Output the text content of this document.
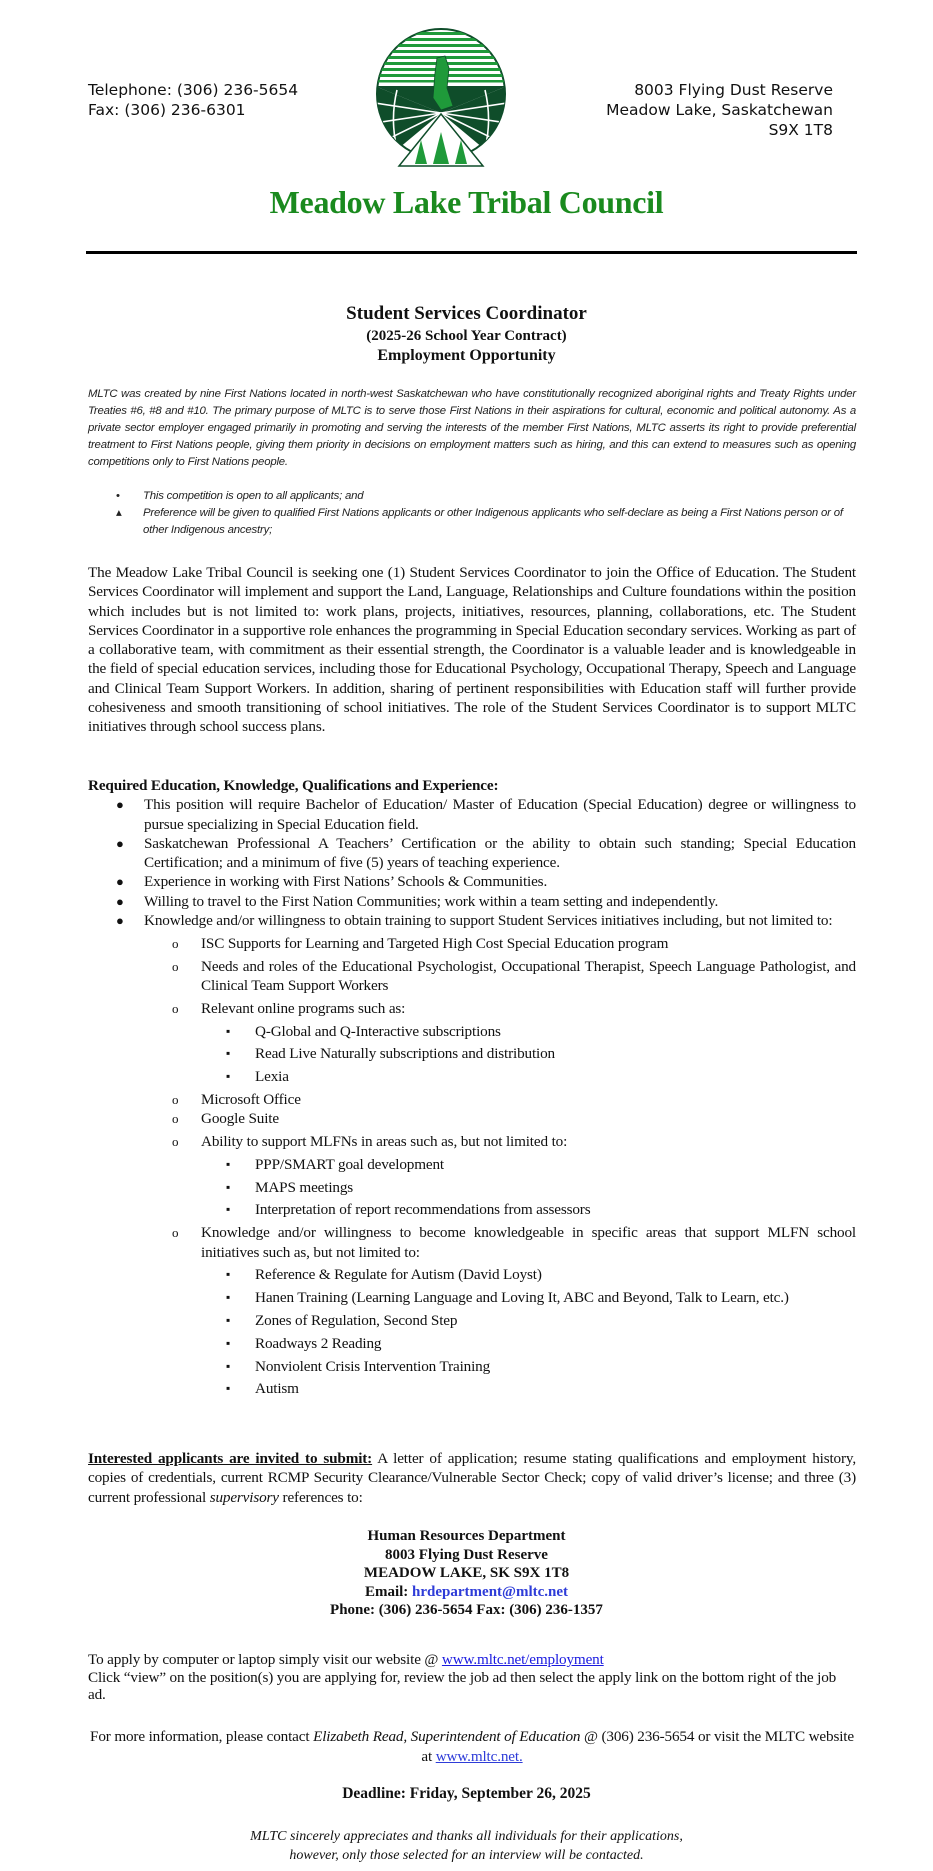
Telephone: (306) 236-5654
Fax: (306) 236-6301
8003 Flying Dust Reserve
Meadow Lake, Saskatchewan
S9X 1T8
Meadow Lake Tribal Council
Student Services Coordinator
(2025-26 School Year Contract)
Employment Opportunity
MLTC was created by nine First Nations located in north-west Saskatchewan who have constitutionally recognized aboriginal rights and Treaty Rights under Treaties #6, #8 and #10. The primary purpose of MLTC is to serve those First Nations in their aspirations for cultural, economic and political autonomy. As a private sector employer engaged primarily in promoting and serving the interests of the member First Nations, MLTC asserts its right to provide preferential treatment to First Nations people, giving them priority in decisions on employment matters such as hiring, and this can extend to measures such as opening competitions only to First Nations people.
• This competition is open to all applicants; and
▴ Preference will be given to qualified First Nations applicants or other Indigenous applicants who self-declare as being a First Nations person or of other Indigenous ancestry;
The Meadow Lake Tribal Council is seeking one (1) Student Services Coordinator to join the Office of Education. The Student Services Coordinator will implement and support the Land, Language, Relationships and Culture foundations within the position which includes but is not limited to: work plans, projects, initiatives, resources, planning, collaborations, etc. The Student Services Coordinator in a supportive role enhances the programming in Special Education secondary services. Working as part of a collaborative team, with commitment as their essential strength, the Coordinator is a valuable leader and is knowledgeable in the field of special education services, including those for Educational Psychology, Occupational Therapy, Speech and Language and Clinical Team Support Workers. In addition, sharing of pertinent responsibilities with Education staff will further provide cohesiveness and smooth transitioning of school initiatives. The role of the Student Services Coordinator is to support MLTC initiatives through school success plans.
Required Education, Knowledge, Qualifications and Experience:
● This position will require Bachelor of Education/ Master of Education (Special Education) degree or willingness to pursue specializing in Special Education field.
● Saskatchewan Professional A Teachers’ Certification or the ability to obtain such standing; Special Education Certification; and a minimum of five (5) years of teaching experience.
● Experience in working with First Nations’ Schools & Communities.
● Willing to travel to the First Nation Communities; work within a team setting and independently.
● Knowledge and/or willingness to obtain training to support Student Services initiatives including, but not limited to:
o ISC Supports for Learning and Targeted High Cost Special Education program
o Needs and roles of the Educational Psychologist, Occupational Therapist, Speech Language Pathologist, and Clinical Team Support Workers
o Relevant online programs such as:
▪ Q-Global and Q-Interactive subscriptions
▪ Read Live Naturally subscriptions and distribution
▪ Lexia
o Microsoft Office
o Google Suite
o Ability to support MLFNs in areas such as, but not limited to:
▪ PPP/SMART goal development
▪ MAPS meetings
▪ Interpretation of report recommendations from assessors
o Knowledge and/or willingness to become knowledgeable in specific areas that support MLFN school initiatives such as, but not limited to:
▪ Reference & Regulate for Autism (David Loyst)
▪ Hanen Training (Learning Language and Loving It, ABC and Beyond, Talk to Learn, etc.)
▪ Zones of Regulation, Second Step
▪ Roadways 2 Reading
▪ Nonviolent Crisis Intervention Training
▪ Autism
Interested applicants are invited to submit: A letter of application; resume stating qualifications and employment history, copies of credentials, current RCMP Security Clearance/Vulnerable Sector Check; copy of valid driver’s license; and three (3) current professional supervisory references to:
Human Resources Department
8003 Flying Dust Reserve
MEADOW LAKE, SK S9X 1T8
Email: hrdepartment@mltc.net
Phone: (306) 236-5654 Fax: (306) 236-1357
To apply by computer or laptop simply visit our website @ www.mltc.net/employment
Click “view” on the position(s) you are applying for, review the job ad then select the apply link on the bottom right of the job ad.
For more information, please contact Elizabeth Read, Superintendent of Education @ (306) 236-5654 or visit the MLTC website at www.mltc.net.
Deadline: Friday, September 26, 2025
MLTC sincerely appreciates and thanks all individuals for their applications,
however, only those selected for an interview will be contacted.
